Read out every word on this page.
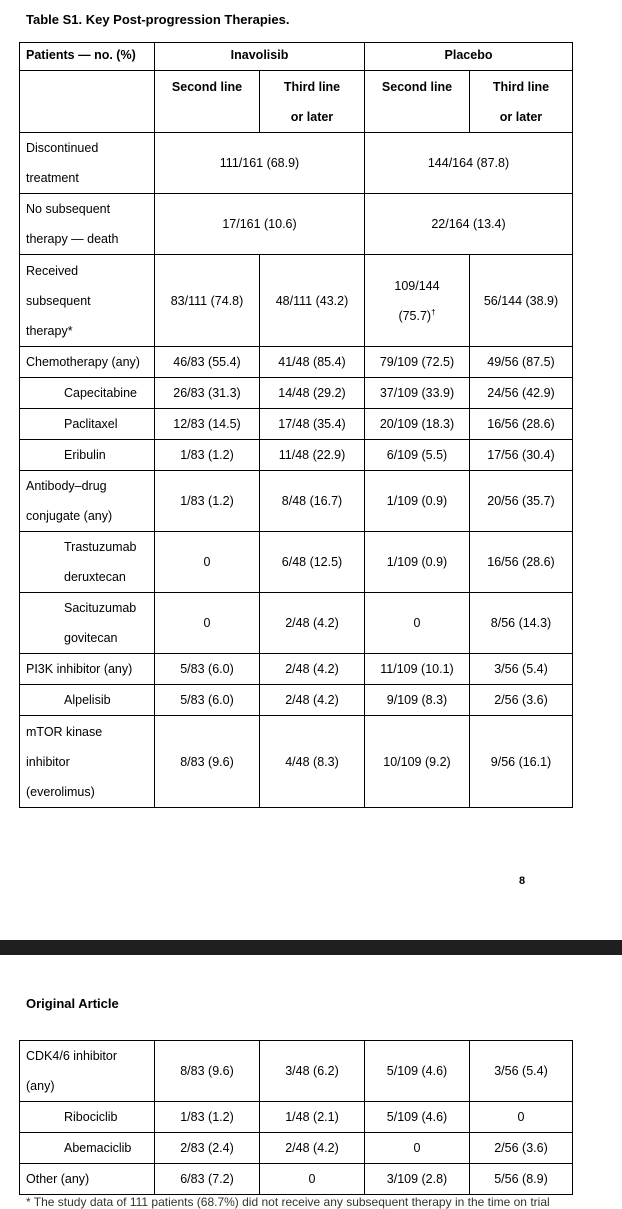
Table S1. Key Post-progression Therapies.
Patients — no. (%)	Inavolisib		Placebo	
	Second line	Third line or later	Second line	Third line or later
Discontinued treatment	111/161 (68.9)		144/164 (87.8)	
No subsequent therapy — death	17/161 (10.6)		22/164 (13.4)	
Received subsequent therapy*	83/111 (74.8)	48/111 (43.2)	109/144 (75.7)†	56/144 (38.9)
Chemotherapy (any)	46/83 (55.4)	41/48 (85.4)	79/109 (72.5)	49/56 (87.5)
Capecitabine	26/83 (31.3)	14/48 (29.2)	37/109 (33.9)	24/56 (42.9)
Paclitaxel	12/83 (14.5)	17/48 (35.4)	20/109 (18.3)	16/56 (28.6)
Eribulin	1/83 (1.2)	11/48 (22.9)	6/109 (5.5)	17/56 (30.4)
Antibody–drug conjugate (any)	1/83 (1.2)	8/48 (16.7)	1/109 (0.9)	20/56 (35.7)
Trastuzumab deruxtecan	0	6/48 (12.5)	1/109 (0.9)	16/56 (28.6)
Sacituzumab govitecan	0	2/48 (4.2)	0	8/56 (14.3)
PI3K inhibitor (any)	5/83 (6.0)	2/48 (4.2)	11/109 (10.1)	3/56 (5.4)
Alpelisib	5/83 (6.0)	2/48 (4.2)	9/109 (8.3)	2/56 (3.6)
mTOR kinase inhibitor (everolimus)	8/83 (9.6)	4/48 (8.3)	10/109 (9.2)	9/56 (16.1)
8
Original Article
CDK4/6 inhibitor (any)	8/83 (9.6)	3/48 (6.2)	5/109 (4.6)	3/56 (5.4)
Ribociclib	1/83 (1.2)	1/48 (2.1)	5/109 (4.6)	0
Abemaciclib	2/83 (2.4)	2/48 (4.2)	0	2/56 (3.6)
Other (any)	6/83 (7.2)	0	3/109 (2.8)	5/56 (8.9)
* The study data of 111 patients (68.7%) did not receive any subsequent therapy in the time on trial
